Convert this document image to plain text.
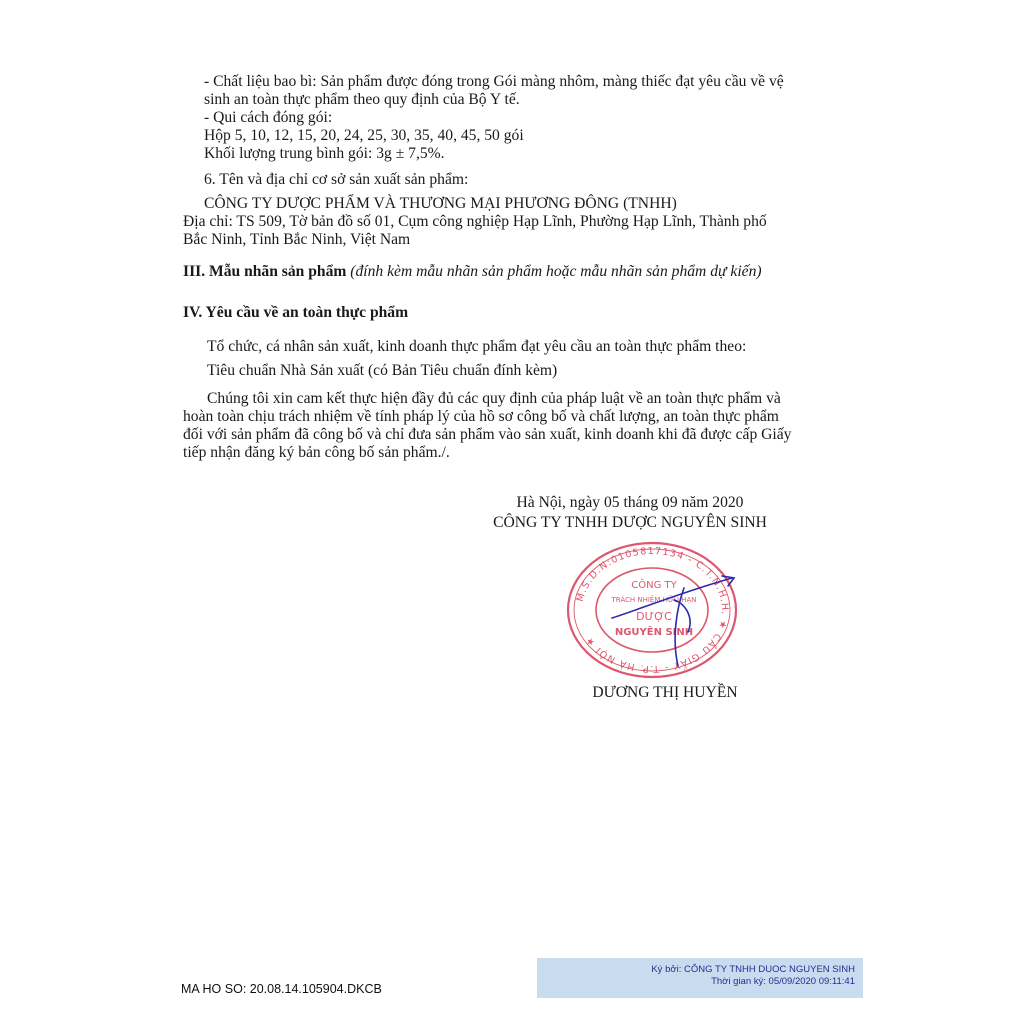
- Chất liệu bao bì: Sản phẩm được đóng trong Gói màng nhôm, màng thiếc đạt yêu cầu về vệ
sinh an toàn thực phẩm theo quy định của Bộ Y tế.
- Qui cách đóng gói:
Hộp 5, 10, 12, 15, 20, 24, 25, 30, 35, 40, 45, 50 gói
Khối lượng trung bình gói: 3g ± 7,5%.
6. Tên và địa chỉ cơ sở sản xuất sản phẩm:
CÔNG TY DƯỢC PHẨM VÀ THƯƠNG MẠI PHƯƠNG ĐÔNG (TNHH)
Địa chỉ: TS 509, Tờ bản đồ số 01, Cụm công nghiệp Hạp Lĩnh, Phường Hạp Lĩnh, Thành phố
Bắc Ninh, Tỉnh Bắc Ninh, Việt Nam
III. Mẫu nhãn sản phẩm (đính kèm mẫu nhãn sản phẩm hoặc mẫu nhãn sản phẩm dự kiến)
IV. Yêu cầu về an toàn thực phẩm
Tổ chức, cá nhân sản xuất, kinh doanh thực phẩm đạt yêu cầu an toàn thực phẩm theo:
Tiêu chuẩn Nhà Sản xuất (có Bản Tiêu chuẩn đính kèm)
Chúng tôi xin cam kết thực hiện đầy đủ các quy định của pháp luật về an toàn thực phẩm và
hoàn toàn chịu trách nhiệm về tính pháp lý của hồ sơ công bố và chất lượng, an toàn thực phẩm
đối với sản phẩm đã công bố và chỉ đưa sản phẩm vào sản xuất, kinh doanh khi đã được cấp Giấy
tiếp nhận đăng ký bản công bố sản phẩm./.
Hà Nội, ngày 05 tháng 09 năm 2020
CÔNG TY TNHH DƯỢC NGUYÊN SINH
M.S.D.N:0105817134 - C.T.N.H.H. ★ CẦU GIẤY - T.P. HÀ NỘI ★
CÔNG TY
TRÁCH NHIỆM HỮU HẠN
DƯỢC
NGUYÊN SINH
DƯƠNG THỊ HUYỀN
MA HO SO: 20.08.14.105904.DKCB
Ký bởi: CÔNG TY TNHH DUOC NGUYEN SINH
Thời gian ký: 05/09/2020 09:11:41
